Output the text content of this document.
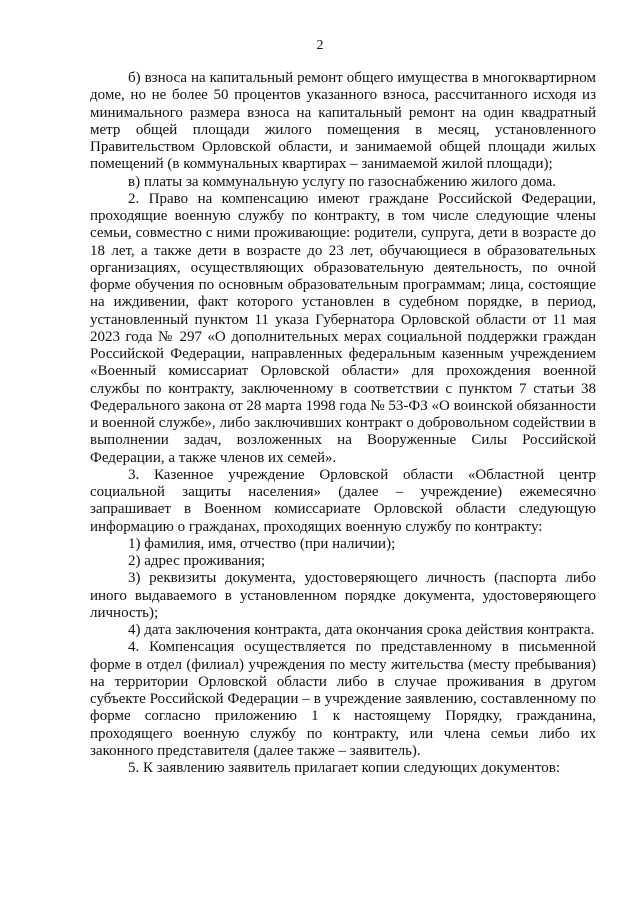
2

б) взноса на капитальный ремонт общего имущества в многоквартирном доме, но не более 50 процентов указанного взноса, рассчитанного исходя из минимального размера взноса на капитальный ремонт на один квадратный метр общей площади жилого помещения в месяц, установленного Правительством Орловской области, и занимаемой общей площади жилых помещений (в коммунальных квартирах – занимаемой жилой площади);

в) платы за коммунальную услугу по газоснабжению жилого дома.

2. Право на компенсацию имеют граждане Российской Федерации, проходящие военную службу по контракту, в том числе следующие члены семьи, совместно с ними проживающие: родители, супруга, дети в возрасте до 18 лет, а также дети в возрасте до 23 лет, обучающиеся в образовательных организациях, осуществляющих образовательную деятельность, по очной форме обучения по основным образовательным программам; лица, состоящие на иждивении, факт которого установлен в судебном порядке, в период, установленный пунктом 11 указа Губернатора Орловской области от 11 мая 2023 года № 297 «О дополнительных мерах социальной поддержки граждан Российской Федерации, направленных федеральным казенным учреждением «Военный комиссариат Орловской области» для прохождения военной службы по контракту, заключенному в соответствии с пунктом 7 статьи 38 Федерального закона от 28 марта 1998 года № 53-ФЗ «О воинской обязанности и военной службе», либо заключивших контракт о добровольном содействии в выполнении задач, возложенных на Вооруженные Силы Российской Федерации, а также членов их семей».

3. Казенное учреждение Орловской области «Областной центр социальной защиты населения» (далее – учреждение) ежемесячно запрашивает в Военном комиссариате Орловской области следующую информацию о гражданах, проходящих военную службу по контракту:

1) фамилия, имя, отчество (при наличии);

2) адрес проживания;

3) реквизиты документа, удостоверяющего личность (паспорта либо иного выдаваемого в установленном порядке документа, удостоверяющего личность);

4) дата заключения контракта, дата окончания срока действия контракта.

4. Компенсация осуществляется по представленному в письменной форме в отдел (филиал) учреждения по месту жительства (месту пребывания) на территории Орловской области либо в случае проживания в другом субъекте Российской Федерации – в учреждение заявлению, составленному по форме согласно приложению 1 к настоящему Порядку, гражданина, проходящего военную службу по контракту, или члена семьи либо их законного представителя (далее также – заявитель).

5. К заявлению заявитель прилагает копии следующих документов:
